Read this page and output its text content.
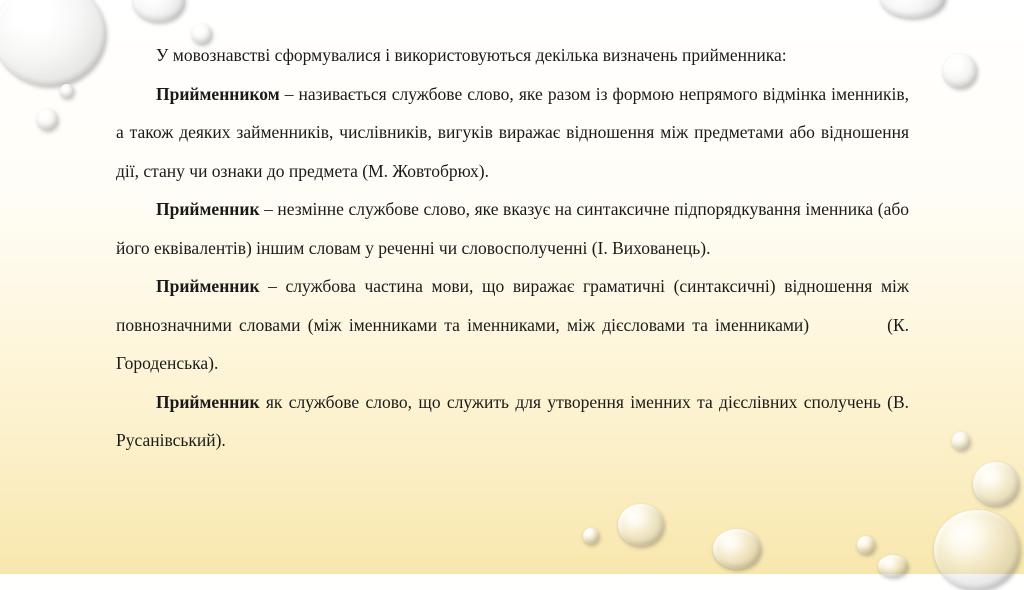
У мовознавстві сформувалися і використовуються декілька визначень прийменника:

Прийменником – називається службове слово, яке разом із формою непрямого відмінка іменників, а також деяких займенників, числівників, вигуків виражає відношення між предметами або відношення дії, стану чи ознаки до предмета (М. Жовтобрюх).

Прийменник – незмінне службове слово, яке вказує на синтаксичне підпорядкування іменника (або його еквівалентів) іншим словам у реченні чи словосполученні (І. Вихованець).

Прийменник – службова частина мови, що виражає граматичні (синтаксичні) відношення між повнозначними словами (між іменниками та іменниками, між дієсловами та іменниками)	(К. Городенська).

Прийменник як службове слово, що служить для утворення іменних та дієслівних сполучень (В. Русанівський).
